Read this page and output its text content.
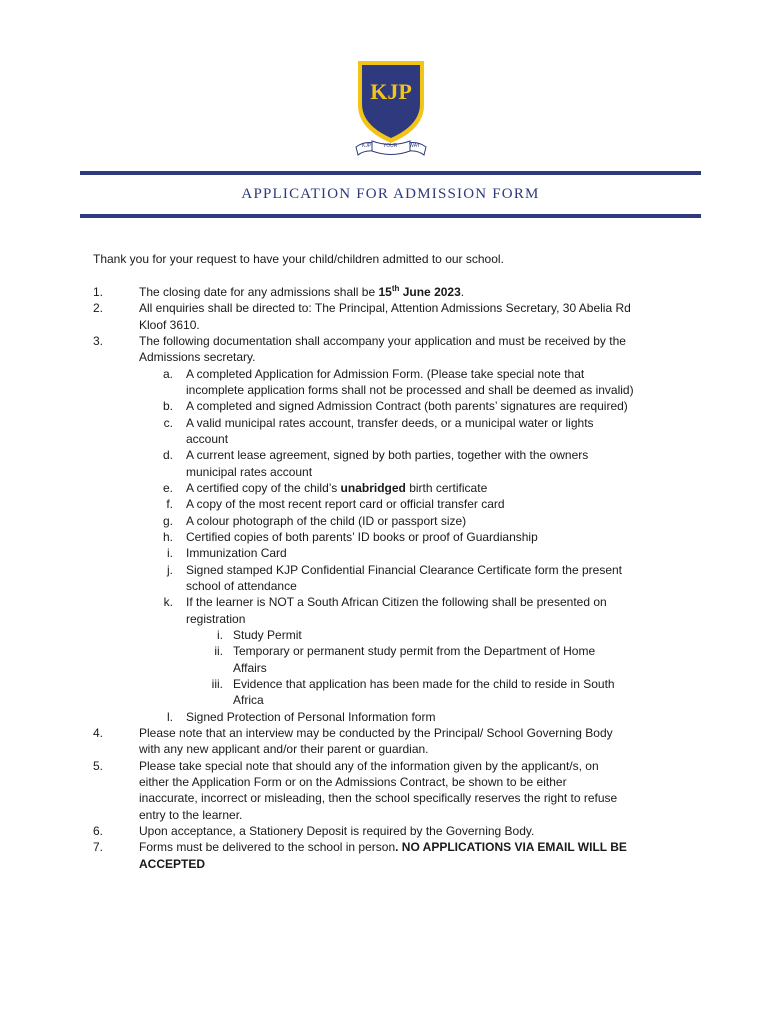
KJP
KJP YOUR WAY
APPLICATION FOR ADMISSION FORM
Thank you for your request to have your child/children admitted to our school.
1.	The closing date for any admissions shall be 15th June 2023.
2.	All enquiries shall be directed to: The Principal, Attention Admissions Secretary, 30 Abelia Rd
Kloof 3610.
3.	The following documentation shall accompany your application and must be received by the
Admissions secretary.
a. A completed Application for Admission Form. (Please take special note that
incomplete application forms shall not be processed and shall be deemed as invalid)
b. A completed and signed Admission Contract (both parents’ signatures are required)
c. A valid municipal rates account, transfer deeds, or a municipal water or lights
account
d. A current lease agreement, signed by both parties, together with the owners
municipal rates account
e. A certified copy of the child’s unabridged birth certificate
f. A copy of the most recent report card or official transfer card
g. A colour photograph of the child (ID or passport size)
h. Certified copies of both parents’ ID books or proof of Guardianship
i. Immunization Card
j. Signed stamped KJP Confidential Financial Clearance Certificate form the present
school of attendance
k. If the learner is NOT a South African Citizen the following shall be presented on
registration
i. Study Permit
ii. Temporary or permanent study permit from the Department of Home
Affairs
iii. Evidence that application has been made for the child to reside in South
Africa
l. Signed Protection of Personal Information form
4.	Please note that an interview may be conducted by the Principal/ School Governing Body
with any new applicant and/or their parent or guardian.
5.	Please take special note that should any of the information given by the applicant/s, on
either the Application Form or on the Admissions Contract, be shown to be either
inaccurate, incorrect or misleading, then the school specifically reserves the right to refuse
entry to the learner.
6.	Upon acceptance, a Stationery Deposit is required by the Governing Body.
7.	Forms must be delivered to the school in person. NO APPLICATIONS VIA EMAIL WILL BE
ACCEPTED
